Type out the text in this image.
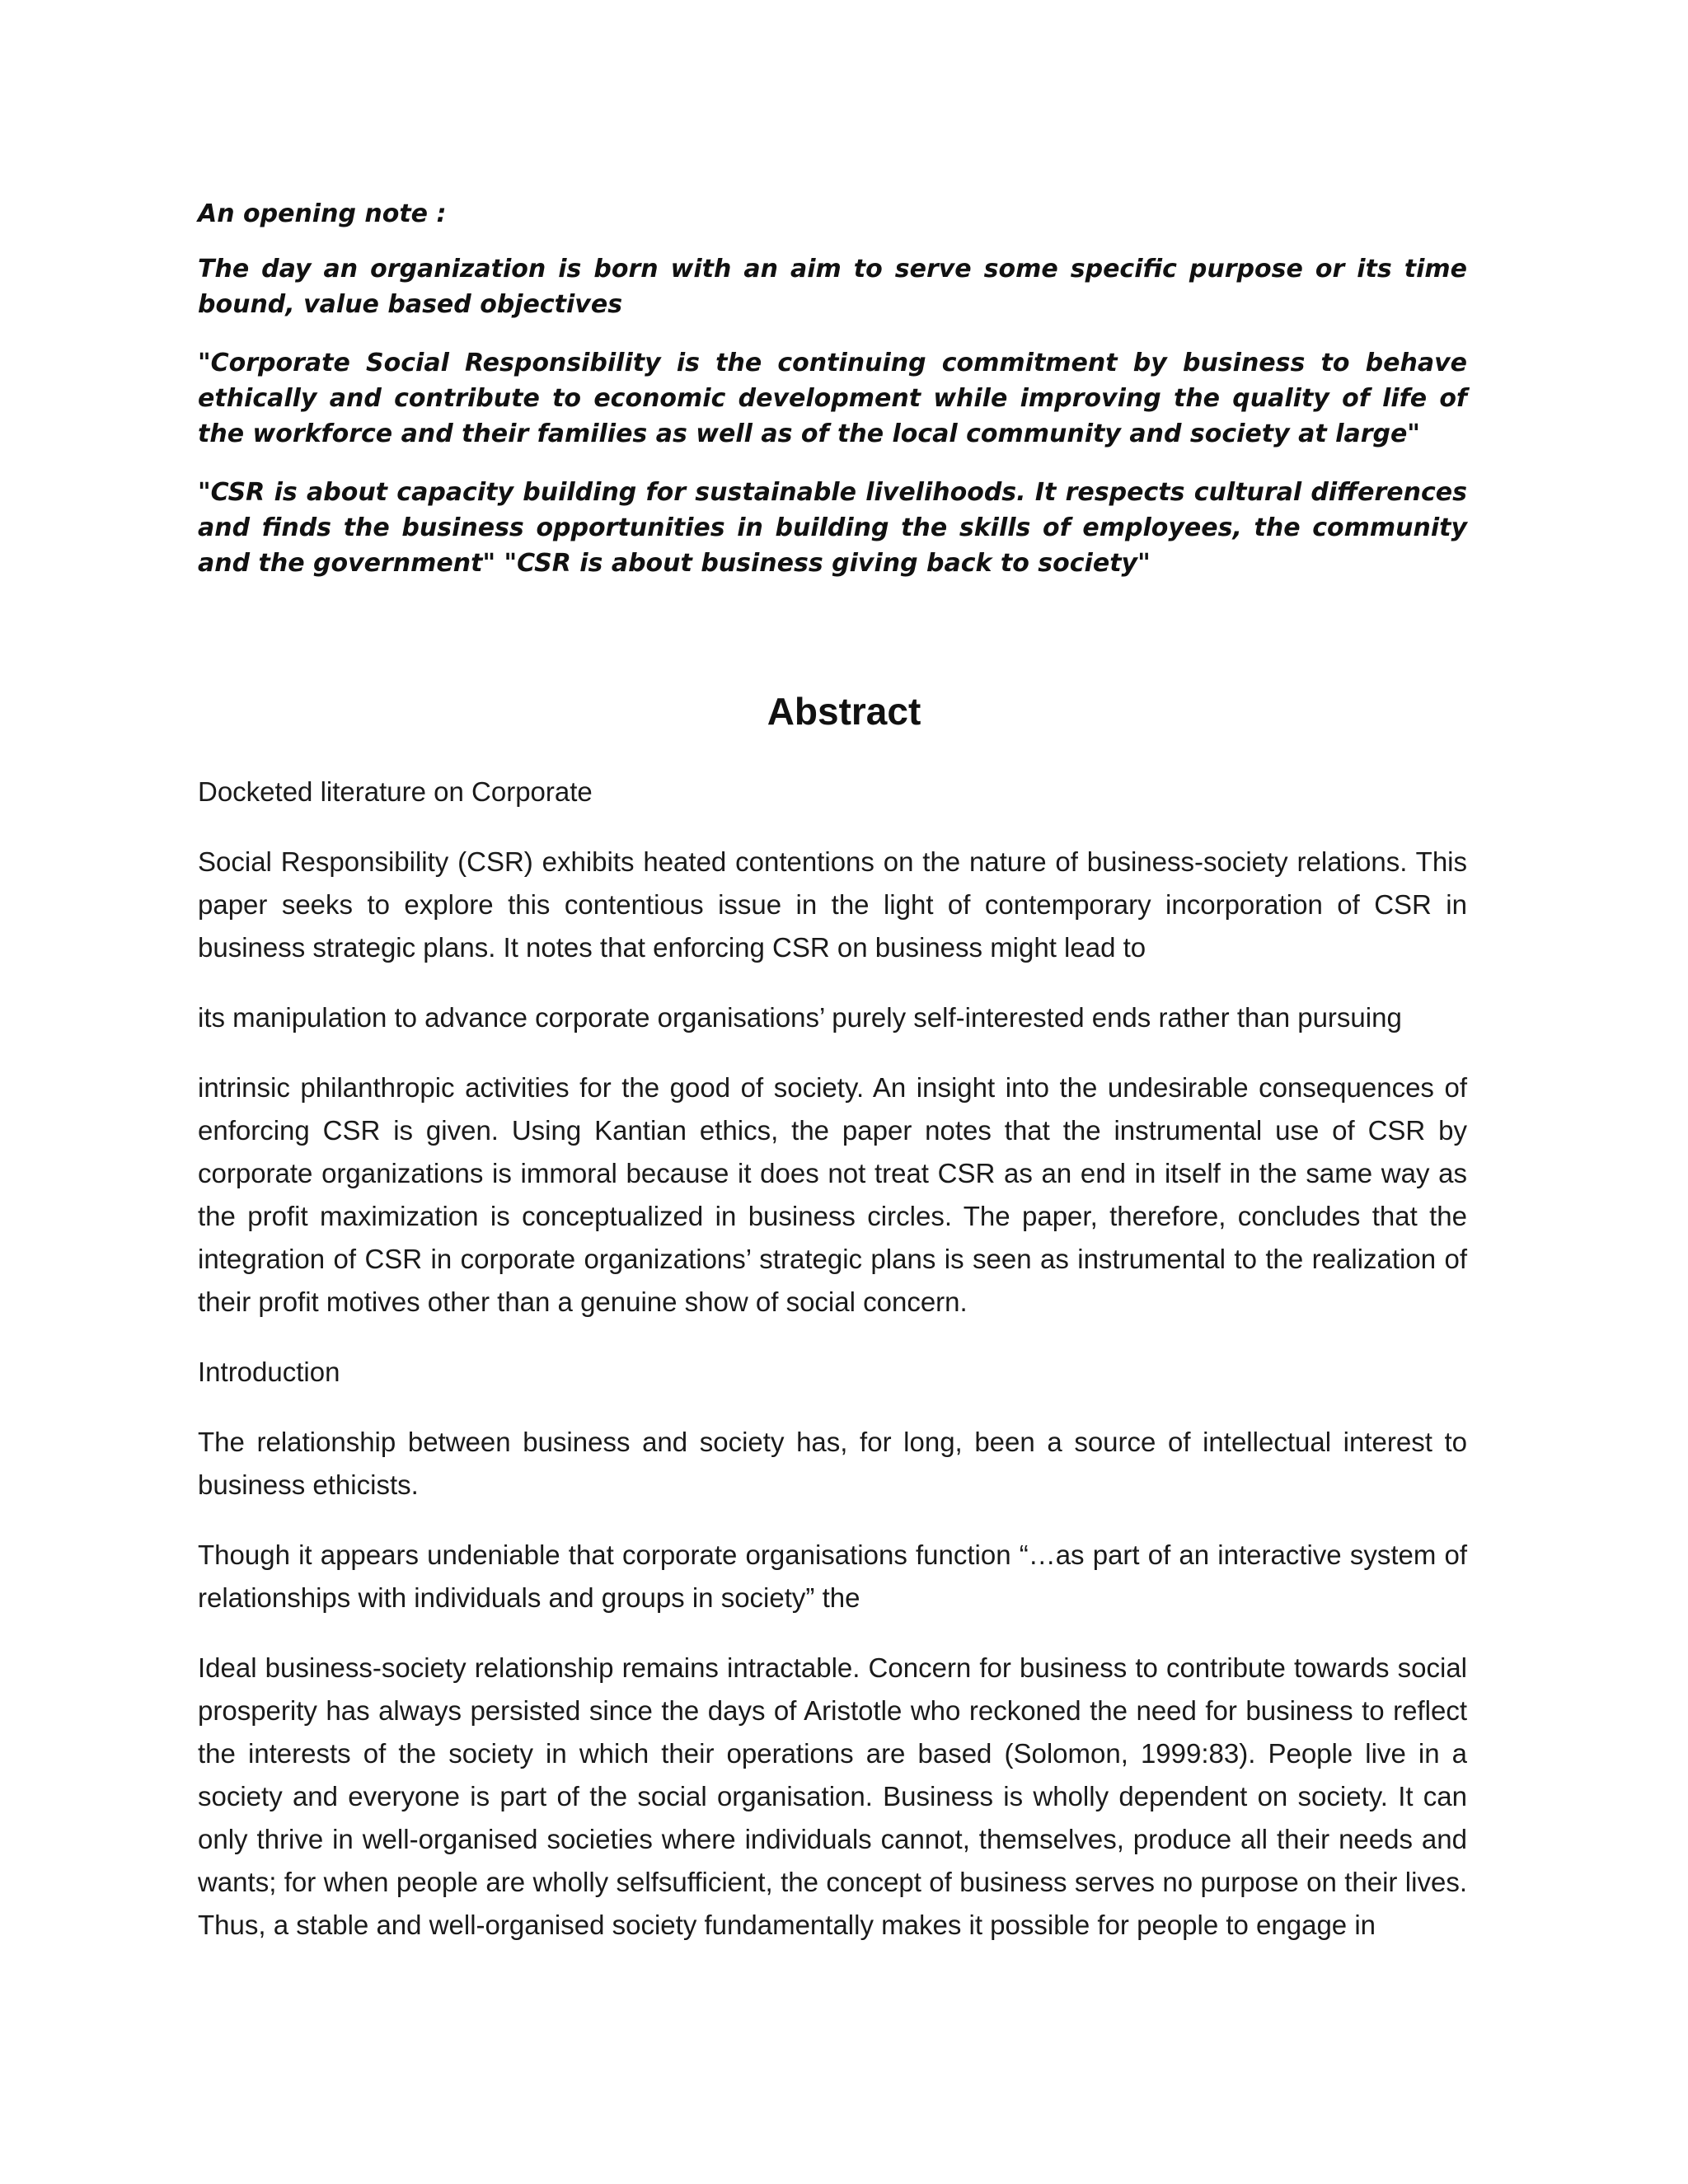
An opening note :

The day an organization is born with an aim to serve some specific purpose or its time bound, value based objectives

"Corporate Social Responsibility is the continuing commitment by business to behave ethically and contribute to economic development while improving the quality of life of the workforce and their families as well as of the local community and society at large"

"CSR is about capacity building for sustainable livelihoods. It respects cultural differences and finds the business opportunities in building the skills of employees, the community and the government" "CSR is about business giving back to society"

Abstract

Docketed literature on Corporate

Social Responsibility (CSR) exhibits heated contentions on the nature of business-society relations. This paper seeks to explore this contentious issue in the light of contemporary incorporation of CSR in business strategic plans. It notes that enforcing CSR on business might lead to

its manipulation to advance corporate organisations’ purely self-interested ends rather than pursuing

intrinsic philanthropic activities for the good of society. An insight into the undesirable consequences of enforcing CSR is given. Using Kantian ethics, the paper notes that the instrumental use of CSR by corporate organizations is immoral because it does not treat CSR as an end in itself in the same way as the profit maximization is conceptualized in business circles. The paper, therefore, concludes that the integration of CSR in corporate organizations’ strategic plans is seen as instrumental to the realization of their profit motives other than a genuine show of social concern.

Introduction

The relationship between business and society has, for long, been a source of intellectual interest to business ethicists.

Though it appears undeniable that corporate organisations function “…as part of an interactive system of relationships with individuals and groups in society” the

Ideal business-society relationship remains intractable. Concern for business to contribute towards social prosperity has always persisted since the days of Aristotle who reckoned the need for business to reflect the interests of the society in which their operations are based (Solomon, 1999:83). People live in a society and everyone is part of the social organisation. Business is wholly dependent on society. It can only thrive in well-organised societies where individuals cannot, themselves, produce all their needs and wants; for when people are wholly selfsufficient, the concept of business serves no purpose on their lives. Thus, a stable and well-organised society fundamentally makes it possible for people to engage in
